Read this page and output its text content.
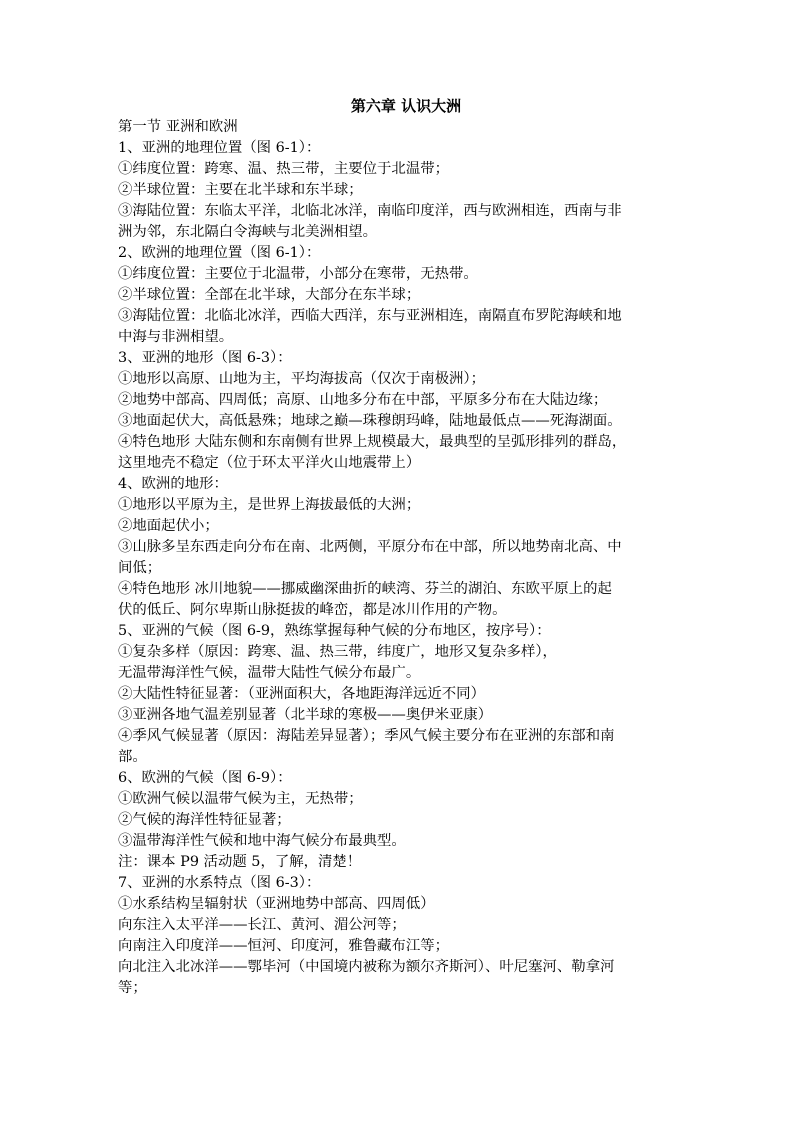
第六章 认识大洲
第一节 亚洲和欧洲
1、亚洲的地理位置（图 6-1）：
①纬度位置：跨寒、温、热三带，主要位于北温带；
②半球位置：主要在北半球和东半球；
③海陆位置：东临太平洋，北临北冰洋，南临印度洋，西与欧洲相连，西南与非
洲为邻，东北隔白令海峡与北美洲相望。
2、欧洲的地理位置（图 6-1）：
①纬度位置：主要位于北温带，小部分在寒带，无热带。
②半球位置：全部在北半球，大部分在东半球；
③海陆位置：北临北冰洋，西临大西洋，东与亚洲相连，南隔直布罗陀海峡和地
中海与非洲相望。
3、亚洲的地形（图 6-3）：
①地形以高原、山地为主，平均海拔高（仅次于南极洲）；
②地势中部高、四周低；高原、山地多分布在中部，平原多分布在大陆边缘；
③地面起伏大，高低悬殊；地球之巅—珠穆朗玛峰，陆地最低点——死海湖面。
④特色地形 大陆东侧和东南侧有世界上规模最大，最典型的呈弧形排列的群岛，
这里地壳不稳定（位于环太平洋火山地震带上）
4、欧洲的地形：
①地形以平原为主，是世界上海拔最低的大洲；
②地面起伏小；
③山脉多呈东西走向分布在南、北两侧，平原分布在中部，所以地势南北高、中
间低；
④特色地形 冰川地貌——挪威幽深曲折的峡湾、芬兰的湖泊、东欧平原上的起
伏的低丘、阿尔卑斯山脉挺拔的峰峦，都是冰川作用的产物。
5、亚洲的气候（图 6-9，熟练掌握每种气候的分布地区，按序号）：
①复杂多样（原因：跨寒、温、热三带，纬度广，地形又复杂多样），
无温带海洋性气候，温带大陆性气候分布最广。
②大陆性特征显著：（亚洲面积大，各地距海洋远近不同）
③亚洲各地气温差别显著（北半球的寒极——奥伊米亚康）
④季风气候显著（原因：海陆差异显著）；季风气候主要分布在亚洲的东部和南
部。
6、欧洲的气候（图 6-9）：
①欧洲气候以温带气候为主，无热带；
②气候的海洋性特征显著；
③温带海洋性气候和地中海气候分布最典型。
注：课本 P9 活动题 5，了解，清楚！
7、亚洲的水系特点（图 6-3）：
①水系结构呈辐射状（亚洲地势中部高、四周低）
向东注入太平洋——长江、黄河、湄公河等；
向南注入印度洋——恒河、印度河，雅鲁藏布江等；
向北注入北冰洋——鄂毕河（中国境内被称为额尔齐斯河）、叶尼塞河、勒拿河
等；
